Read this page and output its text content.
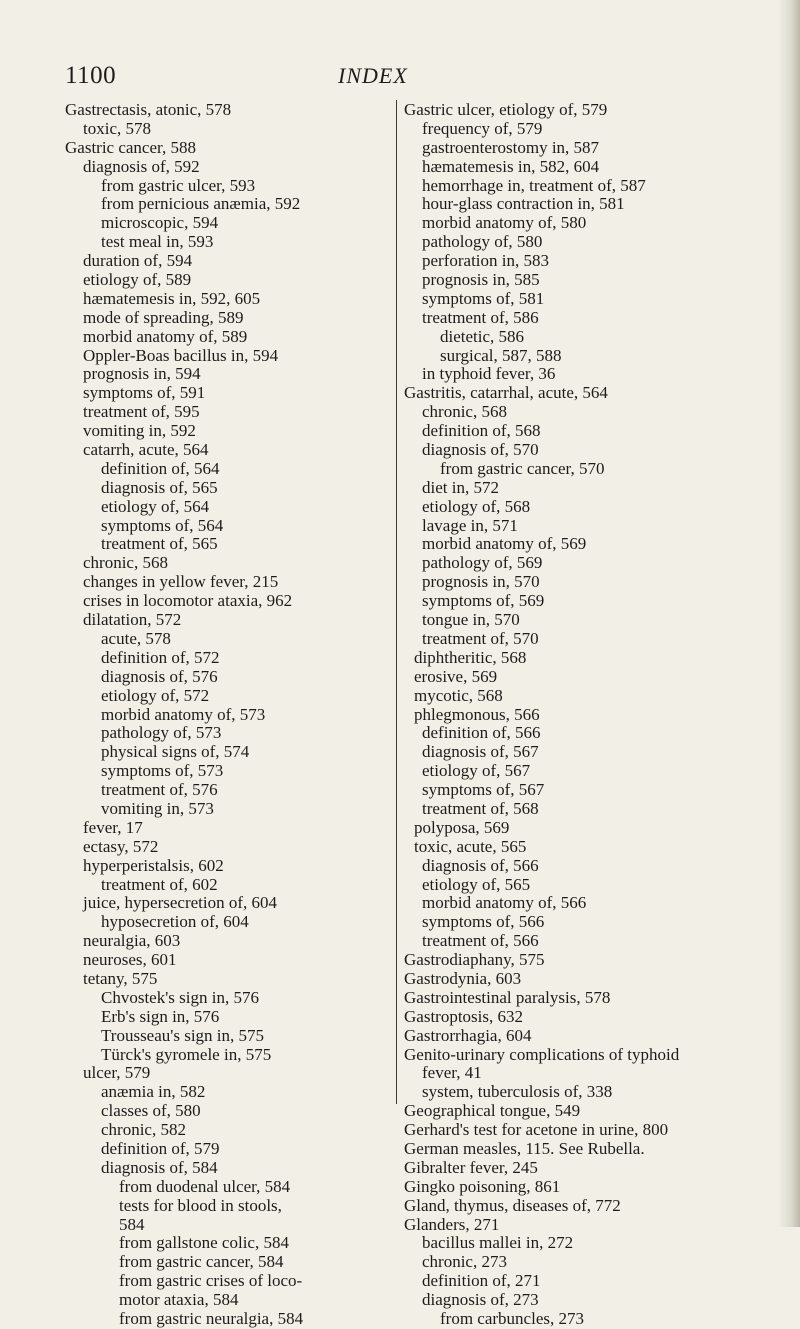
1100	INDEX
Gastrectasis, atonic, 578
toxic, 578
Gastric cancer, 588
diagnosis of, 592
from gastric ulcer, 593
from pernicious anæmia, 592
microscopic, 594
test meal in, 593
duration of, 594
etiology of, 589
hæmatemesis in, 592, 605
mode of spreading, 589
morbid anatomy of, 589
Oppler-Boas bacillus in, 594
prognosis in, 594
symptoms of, 591
treatment of, 595
vomiting in, 592
catarrh, acute, 564
definition of, 564
diagnosis of, 565
etiology of, 564
symptoms of, 564
treatment of, 565
chronic, 568
changes in yellow fever, 215
crises in locomotor ataxia, 962
dilatation, 572
acute, 578
definition of, 572
diagnosis of, 576
etiology of, 572
morbid anatomy of, 573
pathology of, 573
physical signs of, 574
symptoms of, 573
treatment of, 576
vomiting in, 573
fever, 17
ectasy, 572
hyperperistalsis, 602
treatment of, 602
juice, hypersecretion of, 604
hyposecretion of, 604
neuralgia, 603
neuroses, 601
tetany, 575
Chvostek's sign in, 576
Erb's sign in, 576
Trousseau's sign in, 575
Türck's gyromele in, 575
ulcer, 579
anæmia in, 582
classes of, 580
chronic, 582
definition of, 579
diagnosis of, 584
from duodenal ulcer, 584
tests for blood in stools,
584
from gallstone colic, 584
from gastric cancer, 584
from gastric crises of loco-
motor ataxia, 584
from gastric neuralgia, 584
Gastric ulcer, etiology of, 579
frequency of, 579
gastroenterostomy in, 587
hæmatemesis in, 582, 604
hemorrhage in, treatment of, 587
hour-glass contraction in, 581
morbid anatomy of, 580
pathology of, 580
perforation in, 583
prognosis in, 585
symptoms of, 581
treatment of, 586
dietetic, 586
surgical, 587, 588
in typhoid fever, 36
Gastritis, catarrhal, acute, 564
chronic, 568
definition of, 568
diagnosis of, 570
from gastric cancer, 570
diet in, 572
etiology of, 568
lavage in, 571
morbid anatomy of, 569
pathology of, 569
prognosis in, 570
symptoms of, 569
tongue in, 570
treatment of, 570
diphtheritic, 568
erosive, 569
mycotic, 568
phlegmonous, 566
definition of, 566
diagnosis of, 567
etiology of, 567
symptoms of, 567
treatment of, 568
polyposa, 569
toxic, acute, 565
diagnosis of, 566
etiology of, 565
morbid anatomy of, 566
symptoms of, 566
treatment of, 566
Gastrodiaphany, 575
Gastrodynia, 603
Gastrointestinal paralysis, 578
Gastroptosis, 632
Gastrorrhagia, 604
Genito-urinary complications of typhoid
fever, 41
system, tuberculosis of, 338
Geographical tongue, 549
Gerhard's test for acetone in urine, 800
German measles, 115. See Rubella.
Gibralter fever, 245
Gingko poisoning, 861
Gland, thymus, diseases of, 772
Glanders, 271
bacillus mallei in, 272
chronic, 273
definition of, 271
diagnosis of, 273
from carbuncles, 273
